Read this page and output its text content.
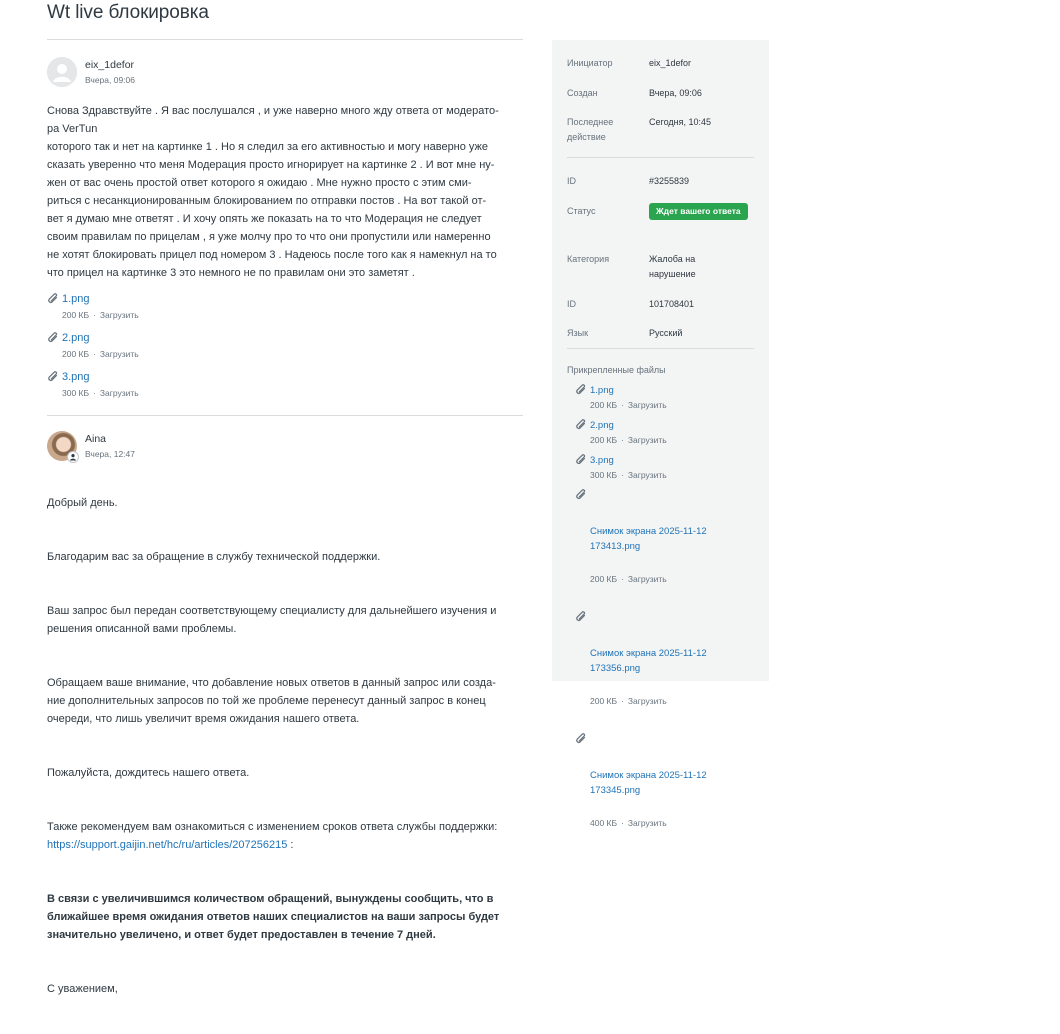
Wt live блокировка
eix_1defor
Вчера, 09:06
Снова Здравствуйте . Я вас послушался , и уже наверно много жду ответа от модерато-
ра VerTun
которого так и нет на картинке 1 . Но я следил за его активностью и могу наверно уже
сказать уверенно что меня Модерация просто игнорирует на картинке 2 . И вот мне ну-
жен от вас очень простой ответ которого я ожидаю . Мне нужно просто с этим сми-
риться с несанкционированным блокированием по отправки постов . На вот такой от-
вет я думаю мне ответят . И хочу опять же показать на то что Модерация не следует
своим правилам по прицелам , я уже молчу про то что они пропустили или намеренно
не хотят блокировать прицел под номером 3 . Надеюсь после того как я намекнул на то
что прицел на картинке 3 это немного не по правилам они это заметят .
1.png
200 КБ · Загрузить
2.png
200 КБ · Загрузить
3.png
300 КБ · Загрузить
Aina
Вчера, 12:47

Добрый день.

Благодарим вас за обращение в службу технической поддержки.

Ваш запрос был передан соответствующему специалисту для дальнейшего изучения и
решения описанной вами проблемы.

Обращаем ваше внимание, что добавление новых ответов в данный запрос или созда-
ние дополнительных запросов по той же проблеме перенесут данный запрос в конец
очереди, что лишь увеличит время ожидания нашего ответа.

Пожалуйста, дождитесь нашего ответа.

Также рекомендуем вам ознакомиться с изменением сроков ответа службы поддержки:
https://support.gaijin.net/hc/ru/articles/207256215 :

В связи с увеличившимся количеством обращений, вынуждены сообщить, что в
ближайшее время ожидания ответов наших специалистов на ваши запросы будет
значительно увеличено, и ответ будет предоставлен в течение 7 дней.

С уважением,

Инициатор	eix_1defor
Создан	Вчера, 09:06
Последнее
действие
Сегодня, 10:45
ID	#3255839
Статус	Ждет вашего ответа
Категория	Жалоба на
нарушение
ID	101708401
Язык	Русский
Прикрепленные файлы
1.png
200 КБ · Загрузить
2.png
200 КБ · Загрузить
3.png
300 КБ · Загрузить

Снимок экрана 2025-11-12
173413.png

200 КБ · Загрузить

Снимок экрана 2025-11-12
173356.png

200 КБ · Загрузить

Снимок экрана 2025-11-12
173345.png

400 КБ · Загрузить
